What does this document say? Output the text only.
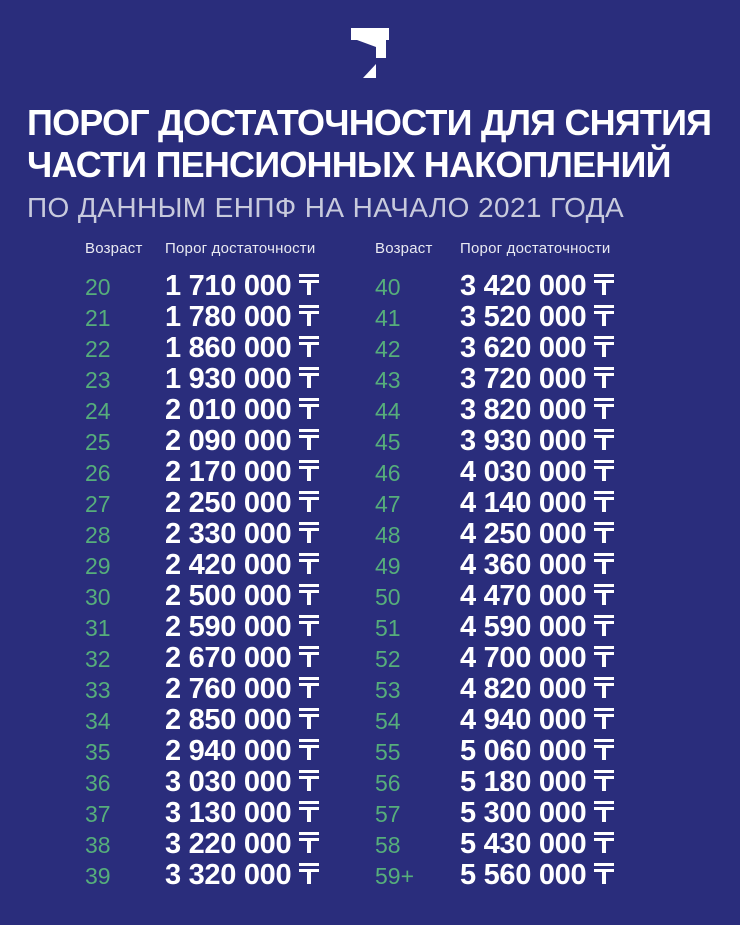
ПОРОГ ДОСТАТОЧНОСТИ ДЛЯ СНЯТИЯ
ЧАСТИ ПЕНСИОННЫХ НАКОПЛЕНИЙ
ПО ДАННЫМ ЕНПФ НА НАЧАЛО 2021 ГОДА
Возраст	Порог достаточности	Возраст	Порог достаточности
20	1 710 000	40	3 420 000
21	1 780 000	41	3 520 000
22	1 860 000	42	3 620 000
23	1 930 000	43	3 720 000
24	2 010 000	44	3 820 000
25	2 090 000	45	3 930 000
26	2 170 000	46	4 030 000
27	2 250 000	47	4 140 000
28	2 330 000	48	4 250 000
29	2 420 000	49	4 360 000
30	2 500 000	50	4 470 000
31	2 590 000	51	4 590 000
32	2 670 000	52	4 700 000
33	2 760 000	53	4 820 000
34	2 850 000	54	4 940 000
35	2 940 000	55	5 060 000
36	3 030 000	56	5 180 000
37	3 130 000	57	5 300 000
38	3 220 000	58	5 430 000
39	3 320 000	59+	5 560 000
